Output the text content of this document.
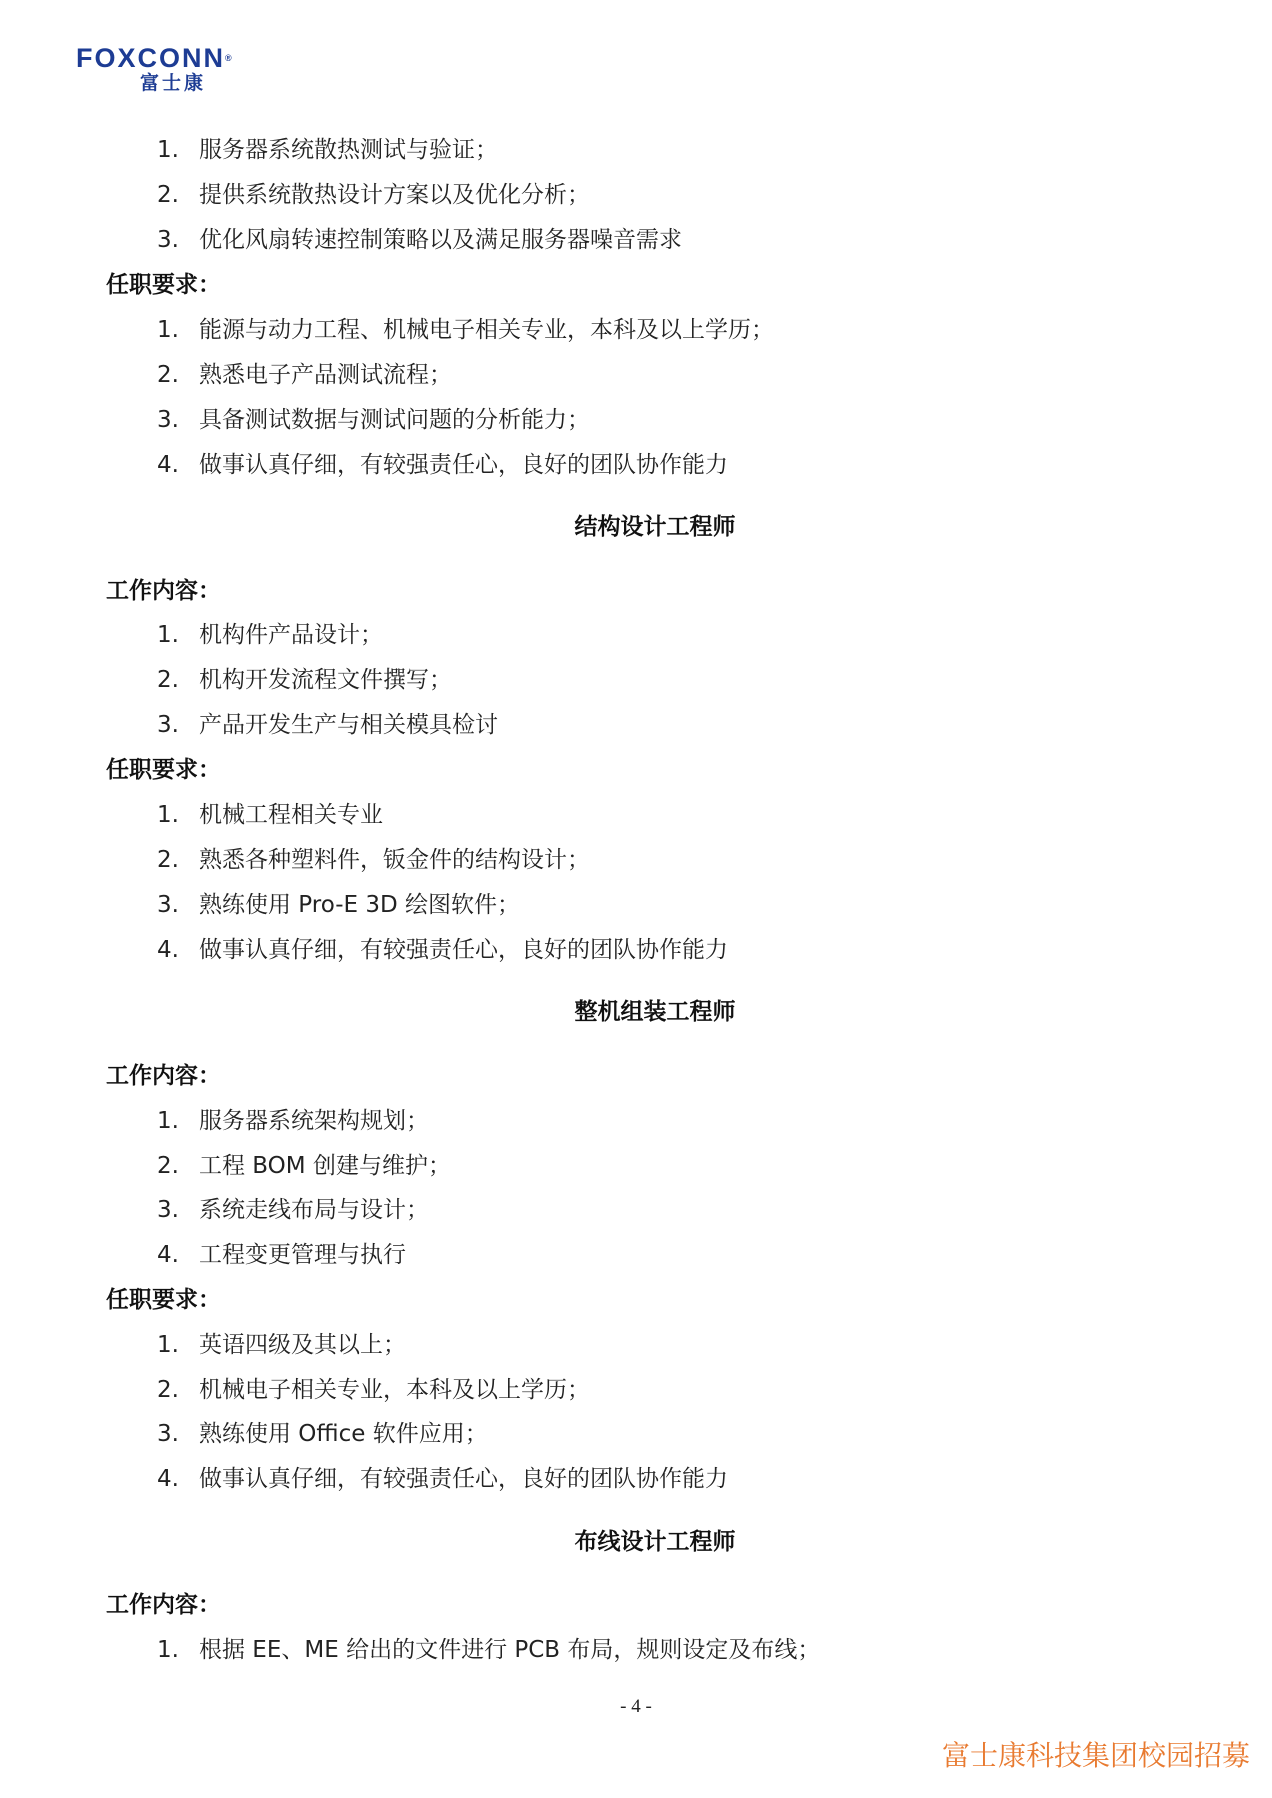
FOXCONN®
富士康
1. 服务器系统散热测试与验证；
2. 提供系统散热设计方案以及优化分析；
3. 优化风扇转速控制策略以及满足服务器噪音需求
任职要求：
1. 能源与动力工程、机械电子相关专业，本科及以上学历；
2. 熟悉电子产品测试流程；
3. 具备测试数据与测试问题的分析能力；
4. 做事认真仔细，有较强责任心，良好的团队协作能力
结构设计工程师
工作内容：
1. 机构件产品设计；
2. 机构开发流程文件撰写；
3. 产品开发生产与相关模具检讨
任职要求：
1. 机械工程相关专业
2. 熟悉各种塑料件，钣金件的结构设计；
3. 熟练使用 Pro-E 3D 绘图软件；
4. 做事认真仔细，有较强责任心，良好的团队协作能力
整机组装工程师
工作内容：
1. 服务器系统架构规划；
2. 工程 BOM 创建与维护；
3. 系统走线布局与设计；
4. 工程变更管理与执行
任职要求：
1. 英语四级及其以上；
2. 机械电子相关专业，本科及以上学历；
3. 熟练使用 Office 软件应用；
4. 做事认真仔细，有较强责任心，良好的团队协作能力
布线设计工程师
工作内容：
1. 根据 EE、ME 给出的文件进行 PCB 布局，规则设定及布线；
- 4 -
富士康科技集团校园招募
